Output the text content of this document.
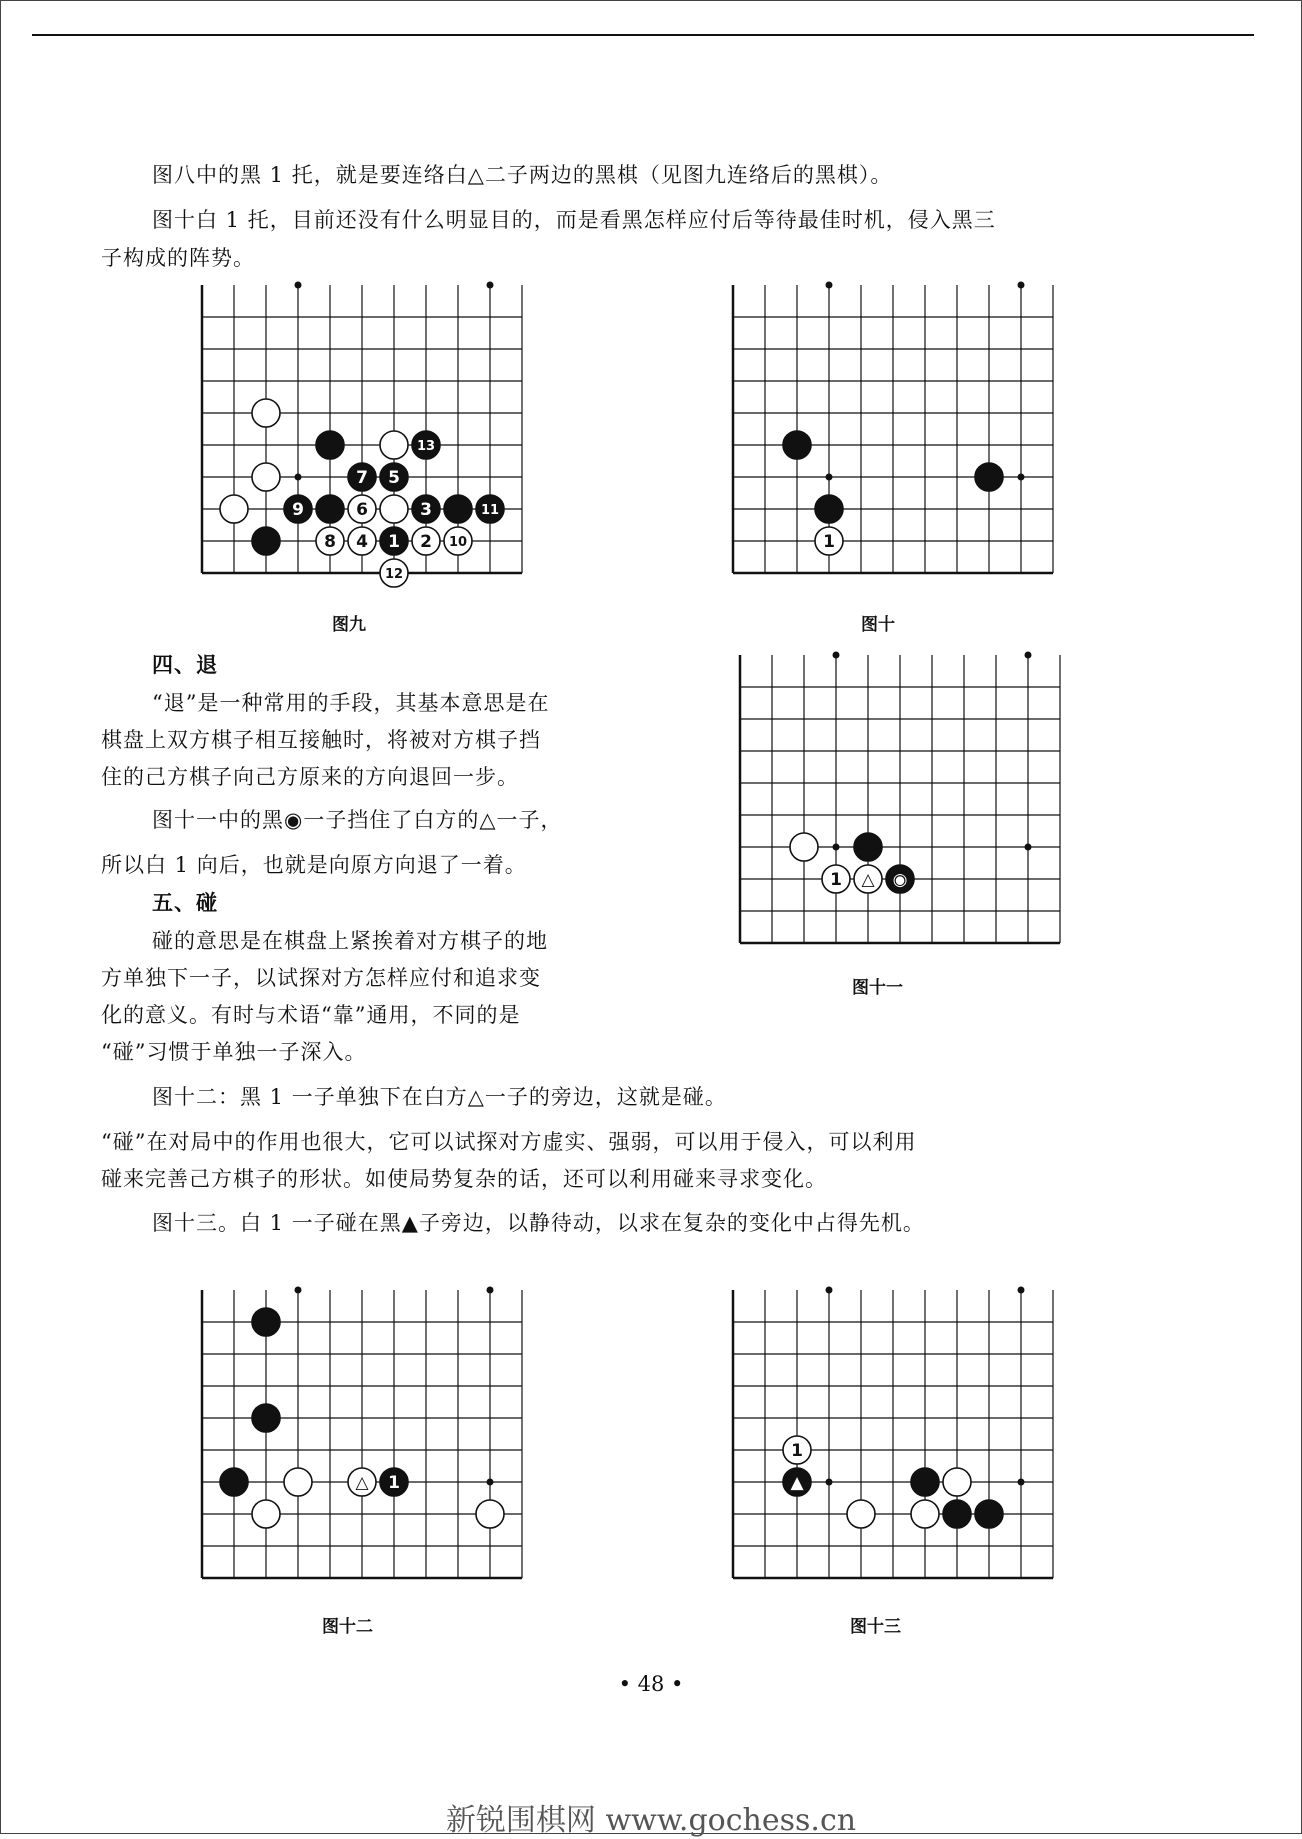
图八中的黑 1 托，就是要连络白△二子两边的黑棋（见图九连络后的黑棋）。

图十白 1 托，目前还没有什么明显目的，而是看黑怎样应付后等待最佳时机，侵入黑三

子构成的阵势。

13
7 5
9	6	3	11
8 4 1 2 10
12
图九
1
图十

四、退

“退”是一种常用的手段，其基本意思是在

棋盘上双方棋子相互接触时，将被对方棋子挡

住的己方棋子向己方原来的方向退回一步。

图十一中的黑◉一子挡住了白方的△一子，

所以白 1 向后，也就是向原方向退了一着。

五、碰

碰的意思是在棋盘上紧挨着对方棋子的地

方单独下一子，以试探对方怎样应付和追求变

化的意义。有时与术语“靠”通用，不同的是

“碰”习惯于单独一子深入。

1 △ ◉
图十一

图十二：黑 1 一子单独下在白方△一子的旁边，这就是碰。

“碰”在对局中的作用也很大，它可以试探对方虚实、强弱，可以用于侵入，可以利用

碰来完善己方棋子的形状。如使局势复杂的话，还可以利用碰来寻求变化。

图十三。白 1 一子碰在黑▲子旁边，以静待动，以求在复杂的变化中占得先机。

△ 1
图十二
1
▲
图十三
• 48 •
新锐围棋网 www.gochess.cn
